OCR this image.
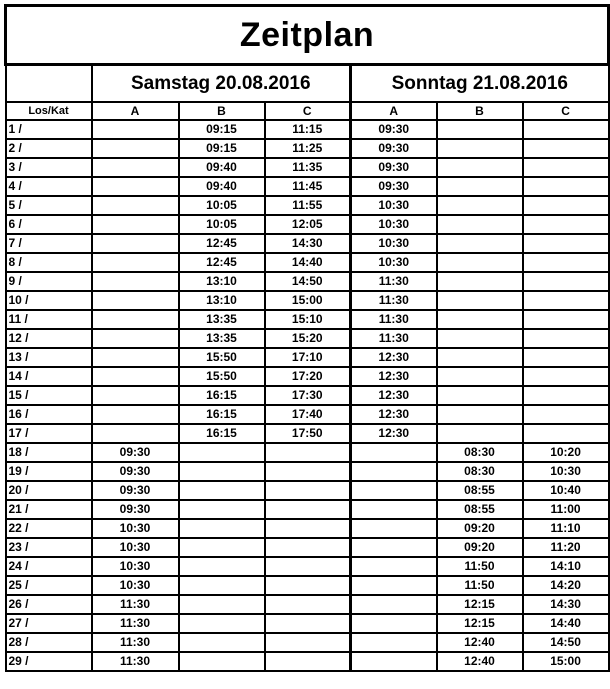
Zeitplan						
	Samstag 20.08.2016			Sonntag 21.08.2016		
Los/Kat	A	B	C	A	B	C
1 /		09:15	11:15	09:30		
2 /		09:15	11:25	09:30		
3 /		09:40	11:35	09:30		
4 /		09:40	11:45	09:30		
5 /		10:05	11:55	10:30		
6 /		10:05	12:05	10:30		
7 /		12:45	14:30	10:30		
8 /		12:45	14:40	10:30		
9 /		13:10	14:50	11:30		
10 /		13:10	15:00	11:30		
11 /		13:35	15:10	11:30		
12 /		13:35	15:20	11:30		
13 /		15:50	17:10	12:30		
14 /		15:50	17:20	12:30		
15 /		16:15	17:30	12:30		
16 /		16:15	17:40	12:30		
17 /		16:15	17:50	12:30		
18 /	09:30				08:30	10:20
19 /	09:30				08:30	10:30
20 /	09:30				08:55	10:40
21 /	09:30				08:55	11:00
22 /	10:30				09:20	11:10
23 /	10:30				09:20	11:20
24 /	10:30				11:50	14:10
25 /	10:30				11:50	14:20
26 /	11:30				12:15	14:30
27 /	11:30				12:15	14:40
28 /	11:30				12:40	14:50
29 /	11:30				12:40	15:00
